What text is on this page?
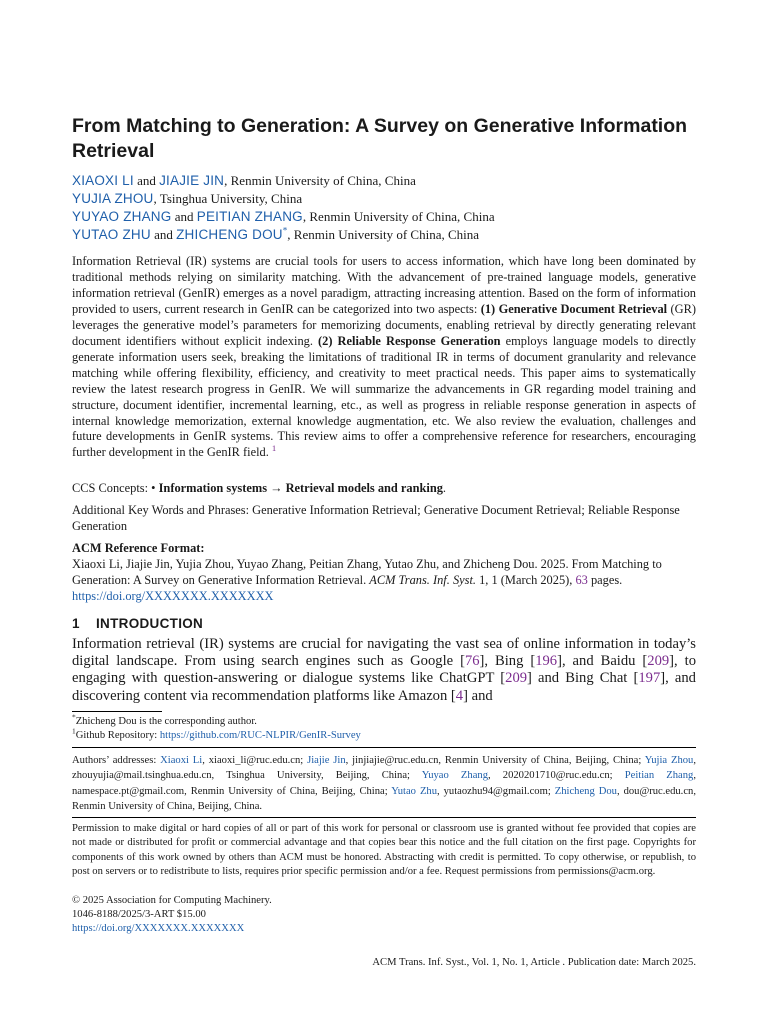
From Matching to Generation: A Survey on Generative Information Retrieval
XIAOXI LI and JIAJIE JIN, Renmin University of China, China
YUJIA ZHOU, Tsinghua University, China
YUYAO ZHANG and PEITIAN ZHANG, Renmin University of China, China
YUTAO ZHU and ZHICHENG DOU*, Renmin University of China, China

Information Retrieval (IR) systems are crucial tools for users to access information, which have long been dominated by traditional methods relying on similarity matching. With the advancement of pre-trained language models, generative information retrieval (GenIR) emerges as a novel paradigm, attracting increasing attention. Based on the form of information provided to users, current research in GenIR can be categorized into two aspects: (1) Generative Document Retrieval (GR) leverages the generative model’s parameters for memorizing documents, enabling retrieval by directly generating relevant document identifiers without explicit indexing. (2) Reliable Response Generation employs language models to directly generate information users seek, breaking the limitations of traditional IR in terms of document granularity and relevance matching while offering flexibility, efficiency, and creativity to meet practical needs. This paper aims to systematically review the latest research progress in GenIR. We will summarize the advancements in GR regarding model training and structure, document identifier, incremental learning, etc., as well as progress in reliable response generation in aspects of internal knowledge memorization, external knowledge augmentation, etc. We also review the evaluation, challenges and future developments in GenIR systems. This review aims to offer a comprehensive reference for researchers, encouraging further development in the GenIR field. $^1$

CCS Concepts: • Information systems → Retrieval models and ranking.

Additional Key Words and Phrases: Generative Information Retrieval; Generative Document Retrieval; Reliable Response Generation

ACM Reference Format:
Xiaoxi Li, Jiajie Jin, Yujia Zhou, Yuyao Zhang, Peitian Zhang, Yutao Zhu, and Zhicheng Dou. 2025. From Matching to Generation: A Survey on Generative Information Retrieval. ACM Trans. Inf. Syst. 1, 1 (March 2025), 63 pages. https://doi.org/XXXXXXX.XXXXXXX

1 INTRODUCTION

Information retrieval (IR) systems are crucial for navigating the vast sea of online information in today’s digital landscape. From using search engines such as Google [76], Bing [196], and Baidu [209], to engaging with question-answering or dialogue systems like ChatGPT [209] and Bing Chat [197], and discovering content via recommendation platforms like Amazon [4] and

*Zhicheng Dou is the corresponding author.

$^1$Github Repository: https://github.com/RUC-NLPIR/GenIR-Survey

Authors’ addresses: Xiaoxi Li, xiaoxi_li@ruc.edu.cn; Jiajie Jin, jinjiajie@ruc.edu.cn, Renmin University of China, Beijing, China; Yujia Zhou, zhouyujia@mail.tsinghua.edu.cn, Tsinghua University, Beijing, China; Yuyao Zhang, 2020201710@ruc.edu.cn; Peitian Zhang, namespace.pt@gmail.com, Renmin University of China, Beijing, China; Yutao Zhu, yutaozhu94@gmail.com; Zhicheng Dou, dou@ruc.edu.cn, Renmin University of China, Beijing, China.

Permission to make digital or hard copies of all or part of this work for personal or classroom use is granted without fee provided that copies are not made or distributed for profit or commercial advantage and that copies bear this notice and the full citation on the first page. Copyrights for components of this work owned by others than ACM must be honored. Abstracting with credit is permitted. To copy otherwise, or republish, to post on servers or to redistribute to lists, requires prior specific permission and/or a fee. Request permissions from permissions@acm.org.

© 2025 Association for Computing Machinery.

1046-8188/2025/3-ART $15.00

https://doi.org/XXXXXXX.XXXXXXX

ACM Trans. Inf. Syst., Vol. 1, No. 1, Article . Publication date: March 2025.
